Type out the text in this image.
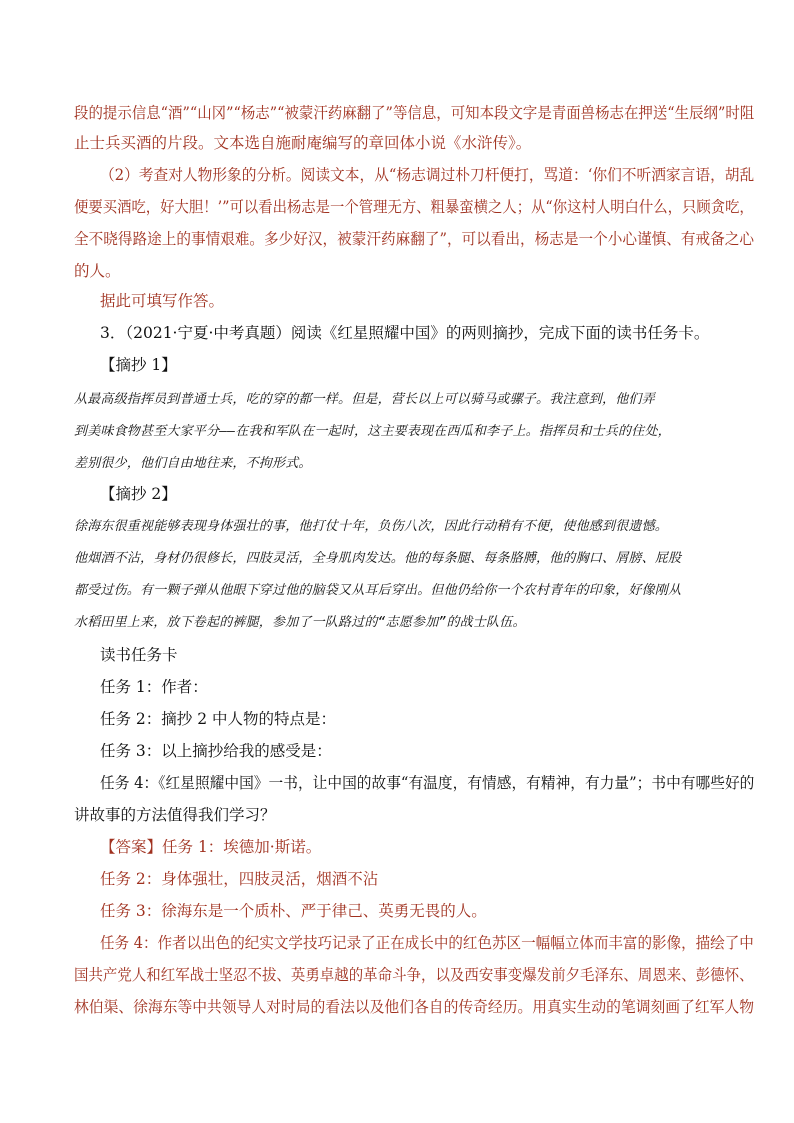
段的提示信息“酒”“山冈”“杨志”“被蒙汗药麻翻了”等信息，可知本段文字是青面兽杨志在押送“生辰纲”时阻
止士兵买酒的片段。文本选自施耐庵编写的章回体小说《水浒传》。
（2）考查对人物形象的分析。阅读文本，从“杨志调过朴刀杆便打，骂道：‘你们不听洒家言语，胡乱
便要买酒吃，好大胆！’”可以看出杨志是一个管理无方、粗暴蛮横之人；从“你这村人明白什么，只顾贪吃，
全不晓得路途上的事情艰难。多少好汉，被蒙汗药麻翻了”，可以看出，杨志是一个小心谨慎、有戒备之心
的人。
据此可填写作答。
3．（2021·宁夏·中考真题）阅读《红星照耀中国》的两则摘抄，完成下面的读书任务卡。
【摘抄 1】
从最高级指挥员到普通士兵，吃的穿的都一样。但是，营长以上可以骑马或骡子。我注意到，他们弄
到美味食物甚至大家平分——在我和军队在一起时，这主要表现在西瓜和李子上。指挥员和士兵的住处，
差别很少，他们自由地往来，不拘形式。
【摘抄 2】
徐海东很重视能够表现身体强壮的事，他打仗十年，负伤八次，因此行动稍有不便，使他感到很遗憾。
他烟酒不沾，身材仍很修长，四肢灵活，全身肌肉发达。他的每条腿、每条胳膊，他的胸口、屑膀、屁股
都受过伤。有一颗子弹从他眼下穿过他的脑袋又从耳后穿出。但他仍给你一个农村青年的印象，好像刚从
水稻田里上来，放下卷起的裤腿，参加了一队路过的“志愿参加”的战士队伍。
读书任务卡
任务 1：作者：
任务 2：摘抄 2 中人物的特点是：
任务 3：以上摘抄给我的感受是：
任务 4：《红星照耀中国》一书，让中国的故事“有温度，有情感，有精神，有力量”；书中有哪些好的
讲故事的方法值得我们学习？
【答案】任务 1：埃德加·斯诺。
任务 2：身体强壮，四肢灵活，烟酒不沾
任务 3：徐海东是一个质朴、严于律己、英勇无畏的人。
任务 4：作者以出色的纪实文学技巧记录了正在成长中的红色苏区一幅幅立体而丰富的影像，描绘了中
国共产党人和红军战士坚忍不拔、英勇卓越的革命斗争，以及西安事变爆发前夕毛泽东、周恩来、彭德怀、
林伯渠、徐海东等中共领导人对时局的看法以及他们各自的传奇经历。用真实生动的笔调刻画了红军人物
